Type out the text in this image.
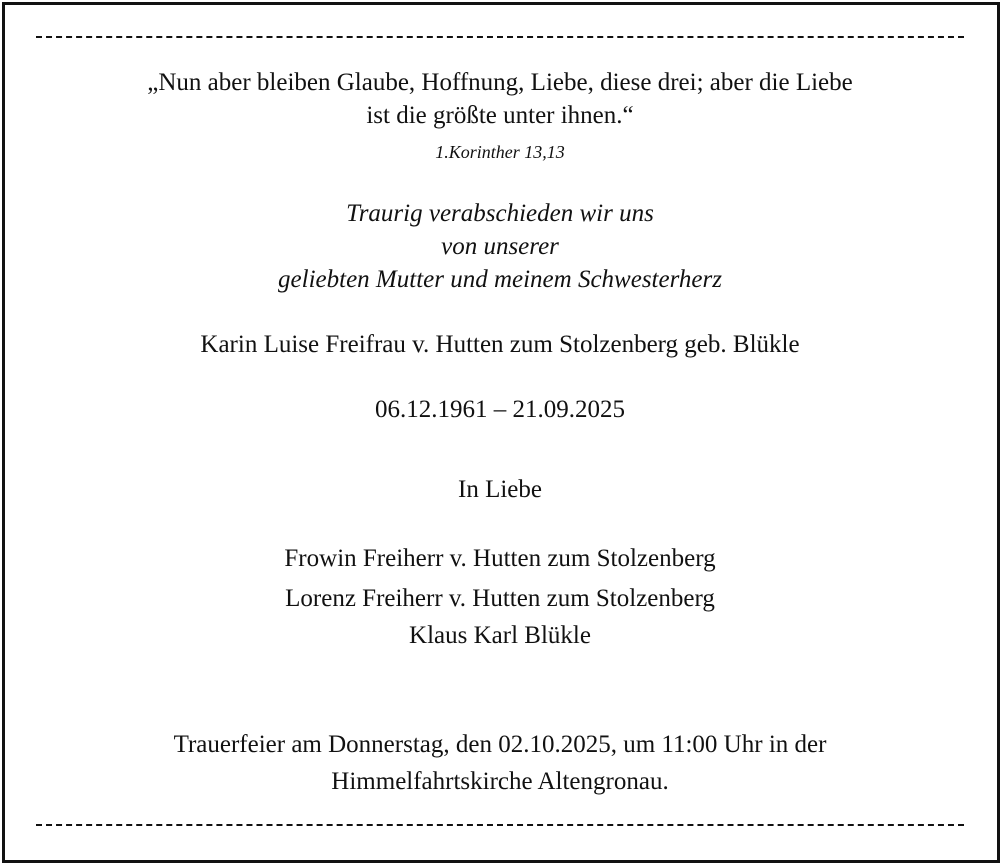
„Nun aber bleiben Glaube, Hoffnung, Liebe, diese drei; aber die Liebe
ist die größte unter ihnen.“
1.Korinther 13,13
Traurig verabschieden wir uns
von unserer
geliebten Mutter und meinem Schwesterherz
Karin Luise Freifrau v. Hutten zum Stolzenberg geb. Blükle
06.12.1961 – 21.09.2025
In Liebe
Frowin Freiherr v. Hutten zum Stolzenberg
Lorenz Freiherr v. Hutten zum Stolzenberg
Klaus Karl Blükle
Trauerfeier am Donnerstag, den 02.10.2025, um 11:00 Uhr in der
Himmelfahrtskirche Altengronau.
